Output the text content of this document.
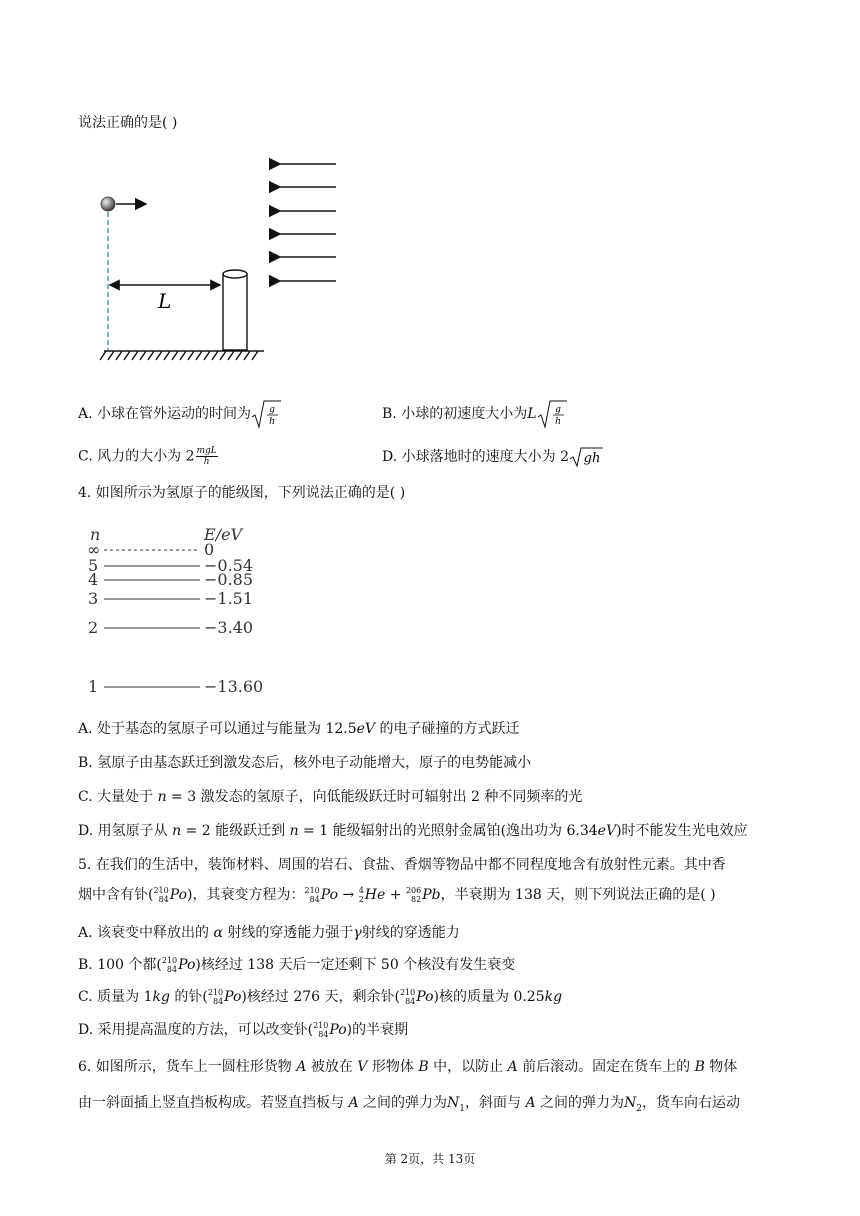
说法正确的是( )
L
A. 小球在管外运动的时间为 g
h	B. 小球的初速度大小为L g
h
C. 风力的大小为 $2 \frac{\text{mgL}}{h}$	D. 小球落地时的速度大小为 2 gh
4. 如图所示为氢原子的能级图，下列说法正确的是( )
n	E/eV
∞	0
5	−0.54
4	−0.85
3	−1.51
2	−3.40
1	−13.60
A. 处于基态的氢原子可以通过与能量为 12.5eV 的电子碰撞的方式跃迁
B. 氢原子由基态跃迁到激发态后，核外电子动能增大，原子的电势能减小
C. 大量处于 n = 3 激发态的氢原子，向低能级跃迁时可辐射出 2 种不同频率的光
D. 用氢原子从 n = 2 能级跃迁到 n = 1 能级辐射出的光照射金属铂(逸出功为 6.34eV)时不能发生光电效应
5. 在我们的生活中，装饰材料、周围的岩石、食盐、香烟等物品中都不同程度地含有放射性元素。其中香
烟中含有钋( 210
84 Po)，其衰变方程为： 210
84 Po → 4
2 He + 206
82 Pb，半衰期为 138 天，则下列说法正确的是( )
A. 该衰变中释放出的 α 射线的穿透能力强于γ射线的穿透能力
B. 100 个都( 210
84 Po)核经过 138 天后一定还剩下 50 个核没有发生衰变
C. 质量为 1kg 的钋( 210
84 Po)核经过 276 天，剩余钋( 210
84 Po)核的质量为 0.25kg
D. 采用提高温度的方法，可以改变钋( 210
84 Po)的半衰期
6. 如图所示，货车上一圆柱形货物 A 被放在 V 形物体 B 中，以防止 A 前后滚动。固定在货车上的 B 物体
由一斜面插上竖直挡板构成。若竖直挡板与 A 之间的弹力为$N_1$，斜面与 A 之间的弹力为$N_2$，货车向右运动
第 2页，共 13页
